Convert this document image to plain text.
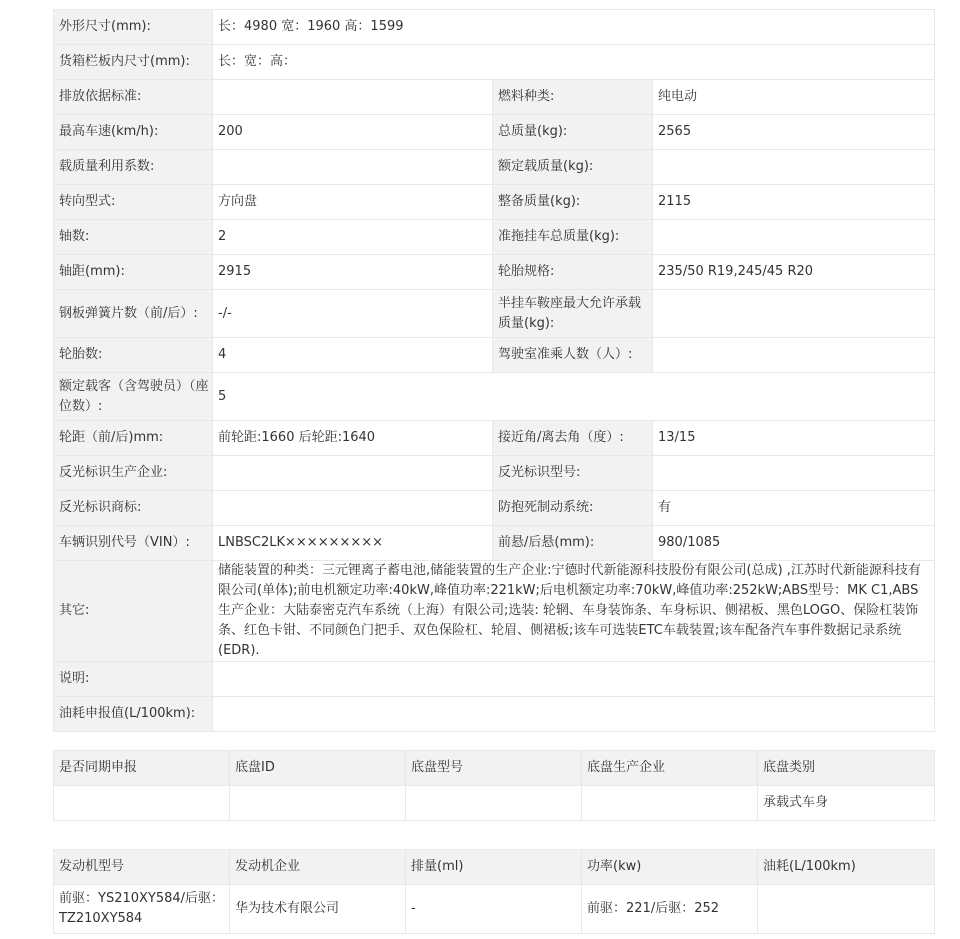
外形尺寸(mm):	长：4980 宽：1960 高：1599		
货箱栏板内尺寸(mm):	长：宽：高：		
排放依据标准:		燃料种类:	纯电动
最高车速(km/h):	200	总质量(kg):	2565
载质量利用系数:		额定载质量(kg):	
转向型式:	方向盘	整备质量(kg):	2115
轴数:	2	准拖挂车总质量(kg):	
轴距(mm):	2915	轮胎规格:	235/50 R19,245/45 R20
钢板弹簧片数（前/后）:	-/-	半挂车鞍座最大允许承载质量(kg):	
轮胎数:	4	驾驶室准乘人数（人）:	
额定载客（含驾驶员）（座位数）:	5		
轮距（前/后)mm:	前轮距:1660 后轮距:1640	接近角/离去角（度）:	13/15
反光标识生产企业:		反光标识型号:	
反光标识商标:		防抱死制动系统:	有
车辆识别代号（VIN）:	LNBSC2LK×××××××××	前悬/后悬(mm):	980/1085
其它:	储能装置的种类：三元锂离子蓄电池,储能装置的生产企业:宁德时代新能源科技股份有限公司(总成) ,江苏时代新能源科技有限公司(单体);前电机额定功率:40kW,峰值功率:221kW;后电机额定功率:70kW,峰值功率:252kW;ABS型号：MK C1,ABS生产企业：大陆泰密克汽车系统（上海）有限公司;选装: 轮辋、车身装饰条、车身标识、侧裙板、黑色LOGO、保险杠装饰条、红色卡钳、不同颜色门把手、双色保险杠、轮眉、侧裙板;该车可选装ETC车载装置;该车配备汽车事件数据记录系统(EDR).		
说明:			
油耗申报值(L/100km):			
是否同期申报	底盘ID	底盘型号	底盘生产企业	底盘类别
				承载式车身
发动机型号	发动机企业	排量(ml)	功率(kw)	油耗(L/100km)
前驱：YS210XY584/后驱：TZ210XY584	华为技术有限公司	-	前驱：221/后驱：252	
